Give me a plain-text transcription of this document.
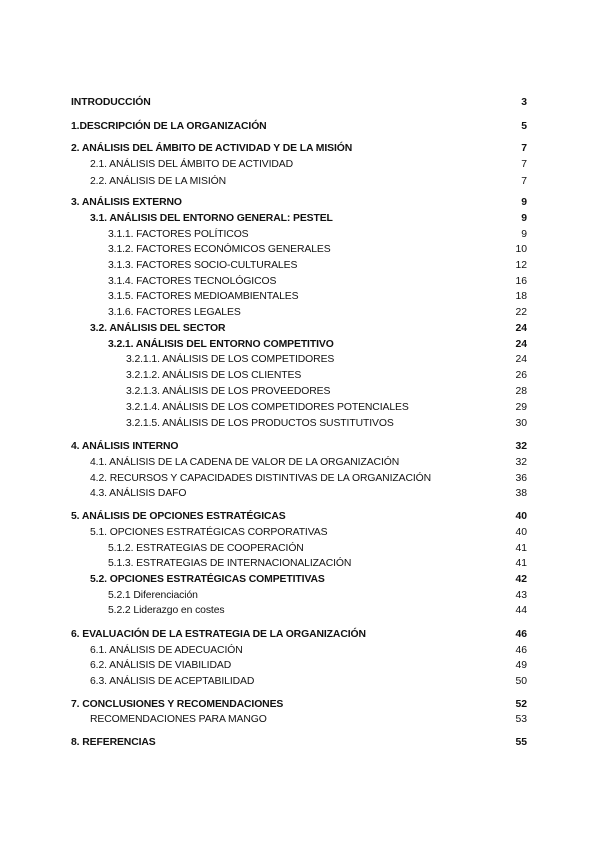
INTRODUCCIÓN	3
1.DESCRIPCIÓN DE LA ORGANIZACIÓN	5
2. ANÁLISIS DEL ÁMBITO DE ACTIVIDAD Y DE LA MISIÓN	7
2.1. ANÁLISIS DEL ÁMBITO DE ACTIVIDAD	7
2.2. ANÁLISIS DE LA MISIÓN	7
3. ANÁLISIS EXTERNO	9
3.1. ANÁLISIS DEL ENTORNO GENERAL: PESTEL	9
3.1.1. FACTORES POLÍTICOS	9
3.1.2. FACTORES ECONÓMICOS GENERALES	10
3.1.3. FACTORES SOCIO-CULTURALES	12
3.1.4. FACTORES TECNOLÓGICOS	16
3.1.5. FACTORES MEDIOAMBIENTALES	18
3.1.6. FACTORES LEGALES	22
3.2. ANÁLISIS DEL SECTOR	24
3.2.1. ANÁLISIS DEL ENTORNO COMPETITIVO	24
3.2.1.1. ANÁLISIS DE LOS COMPETIDORES	24
3.2.1.2. ANÁLISIS DE LOS CLIENTES	26
3.2.1.3. ANÁLISIS DE LOS PROVEEDORES	28
3.2.1.4. ANÁLISIS DE LOS COMPETIDORES POTENCIALES	29
3.2.1.5. ANÁLISIS DE LOS PRODUCTOS SUSTITUTIVOS	30
4. ANÁLISIS INTERNO	32
4.1. ANÁLISIS DE LA CADENA DE VALOR DE LA ORGANIZACIÓN	32
4.2. RECURSOS Y CAPACIDADES DISTINTIVAS DE LA ORGANIZACIÓN	36
4.3. ANÁLISIS DAFO	38
5. ANÁLISIS DE OPCIONES ESTRATÉGICAS	40
5.1. OPCIONES ESTRATÉGICAS CORPORATIVAS	40
5.1.2. ESTRATEGIAS DE COOPERACIÓN	41
5.1.3. ESTRATEGIAS DE INTERNACIONALIZACIÓN	41
5.2. OPCIONES ESTRATÉGICAS COMPETITIVAS	42
5.2.1 Diferenciación	43
5.2.2 Liderazgo en costes	44
6. EVALUACIÓN DE LA ESTRATEGIA DE LA ORGANIZACIÓN	46
6.1. ANÁLISIS DE ADECUACIÓN	46
6.2. ANÁLISIS DE VIABILIDAD	49
6.3. ANÁLISIS DE ACEPTABILIDAD	50
7. CONCLUSIONES Y RECOMENDACIONES	52
RECOMENDACIONES PARA MANGO	53
8. REFERENCIAS	55
